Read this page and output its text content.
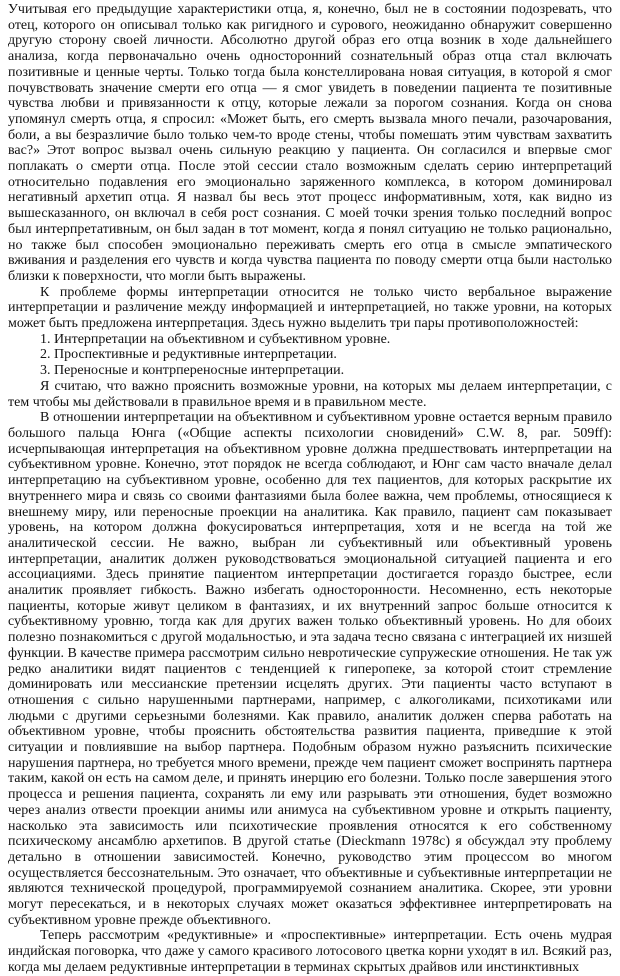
Учитывая его предыдущие характеристики отца, я, конечно, был не в состоянии подозревать, что отец, которого он описывал только как ригидного и сурового, неожиданно обнаружит совершенно другую сторону своей личности. Абсолютно другой образ его отца возник в ходе дальнейшего анализа, когда первоначально очень односторонний сознательный образ отца стал включать позитивные и ценные черты. Только тогда была констеллирована новая ситуация, в которой я смог почувствовать значение смерти его отца — я смог увидеть в поведении пациента те позитивные чувства любви и привязанности к отцу, которые лежали за порогом сознания. Когда он снова упомянул смерть отца, я спросил: «Может быть, его смерть вызвала много печали, разочарования, боли, а вы безразличие было только чем-то вроде стены, чтобы помешать этим чувствам захватить вас?» Этот вопрос вызвал очень сильную реакцию у пациента. Он согласился и впервые смог поплакать о смерти отца. После этой сессии стало возможным сделать серию интерпретаций относительно подавления его эмоционально заряженного комплекса, в котором доминировал негативный архетип отца. Я назвал бы весь этот процесс информативным, хотя, как видно из вышесказанного, он включал в себя рост сознания. С моей точки зрения только последний вопрос был интерпретативным, он был задан в тот момент, когда я понял ситуацию не только рационально, но также был способен эмоционально переживать смерть его отца в смысле эмпатического вживания и разделения его чувств и когда чувства пациента по поводу смерти отца были настолько близки к поверхности, что могли быть выражены.

К проблеме формы интерпретации относится не только чисто вербальное выражение интерпретации и различение между информацией и интерпретацией, но также уровни, на которых может быть предложена интерпретация. Здесь нужно выделить три пары противоположностей:

1. Интерпретации на объективном и субъективном уровне.
2. Проспективные и редуктивные интерпретации.
3. Переносные и контрпереносные интерпретации.

Я считаю, что важно прояснить возможные уровни, на которых мы делаем интерпретации, с тем чтобы мы действовали в правильное время и в правильном месте.

В отношении интерпретации на объективном и субъективном уровне остается верным правило большого пальца Юнга («Общие аспекты психологии сновидений» C.W. 8, par. 509ff): исчерпывающая интерпретация на объективном уровне должна предшествовать интерпретации на субъективном уровне. Конечно, этот порядок не всегда соблюдают, и Юнг сам часто вначале делал интерпретацию на субъективном уровне, особенно для тех пациентов, для которых раскрытие их внутреннего мира и связь со своими фантазиями была более важна, чем проблемы, относящиеся к внешнему миру, или переносные проекции на аналитика. Как правило, пациент сам показывает уровень, на котором должна фокусироваться интерпретация, хотя и не всегда на той же аналитической сессии. Не важно, выбран ли субъективный или объективный уровень интерпретации, аналитик должен руководствоваться эмоциональной ситуацией пациента и его ассоциациями. Здесь принятие пациентом интерпретации достигается гораздо быстрее, если аналитик проявляет гибкость. Важно избегать односторонности. Несомненно, есть некоторые пациенты, которые живут целиком в фантазиях, и их внутренний запрос больше относится к субъективному уровню, тогда как для других важен только объективный уровень. Но для обоих полезно познакомиться с другой модальностью, и эта задача тесно связана с интеграцией их низшей функции. В качестве примера рассмотрим сильно невротические супружеские отношения. Не так уж редко аналитики видят пациентов с тенденцией к гиперопеке, за которой стоит стремление доминировать или мессианские претензии исцелять других. Эти пациенты часто вступают в отношения с сильно нарушенными партнерами, например, с алкоголиками, психотиками или людьми с другими серьезными болезнями. Как правило, аналитик должен сперва работать на объективном уровне, чтобы прояснить обстоятельства развития пациента, приведшие к этой ситуации и повлиявшие на выбор партнера. Подобным образом нужно разъяснить психические нарушения партнера, но требуется много времени, прежде чем пациент сможет воспринять партнера таким, какой он есть на самом деле, и принять инерцию его болезни. Только после завершения этого процесса и решения пациента, сохранять ли ему или разрывать эти отношения, будет возможно через анализ отвести проекции анимы или анимуса на субъективном уровне и открыть пациенту, насколько эта зависимость или психотические проявления относятся к его собственному психическому ансамблю архетипов. В другой статье (Dieckmann 1978c) я обсуждал эту проблему детально в отношении зависимостей. Конечно, руководство этим процессом во многом осуществляется бессознательным. Это означает, что объективные и субъективные интерпретации не являются технической процедурой, программируемой сознанием аналитика. Скорее, эти уровни могут пересекаться, и в некоторых случаях может оказаться эффективнее интерпретировать на субъективном уровне прежде объективного.

Теперь рассмотрим «редуктивные» и «проспективные» интерпретации. Есть очень мудрая индийская поговорка, что даже у самого красивого лотосового цветка корни уходят в ил. Всякий раз, когда мы делаем редуктивные интерпретации в терминах скрытых драйвов или инстинктивных
